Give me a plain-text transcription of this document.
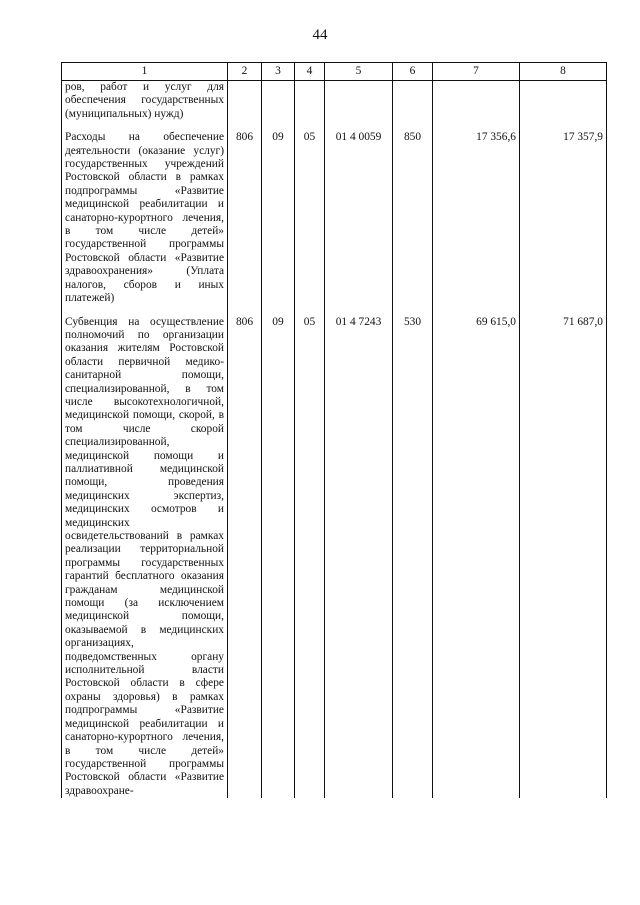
44
1	2	3	4	5	6	7	8
ров, работ и услуг для обеспечения государственных (муниципальных) нужд)							
Расходы на обеспечение деятельности (оказание услуг) государственных учреждений Ростовской области в рамках подпрограммы «Развитие медицинской реабилитации и санаторно-курортного лечения, в том числе детей» государственной программы Ростовской области «Развитие здравоохранения» (Уплата налогов, сборов и иных платежей)	806	09	05	01 4 0059	850	17 356,6	17 357,9
Субвенция на осуществление полномочий по организации оказания жителям Ростовской области первичной медико-санитарной помощи, специализированной, в том числе высокотехнологичной, медицинской помощи, скорой, в том числе скорой специализированной, медицинской помощи и паллиативной медицинской помощи, проведения медицинских экспертиз, медицинских осмотров и медицинских освидетельствований в рамках реализации территориальной программы государственных гарантий бесплатного оказания гражданам медицинской помощи (за исключением медицинской помощи, оказываемой в медицинских организациях, подведомственных органу исполнительной власти Ростовской области в сфере охраны здоровья) в рамках подпрограммы «Развитие медицинской реабилитации и санаторно-курортного лечения, в том числе детей» государственной программы Ростовской области «Развитие здравоохране-	806	09	05	01 4 7243	530	69 615,0	71 687,0
